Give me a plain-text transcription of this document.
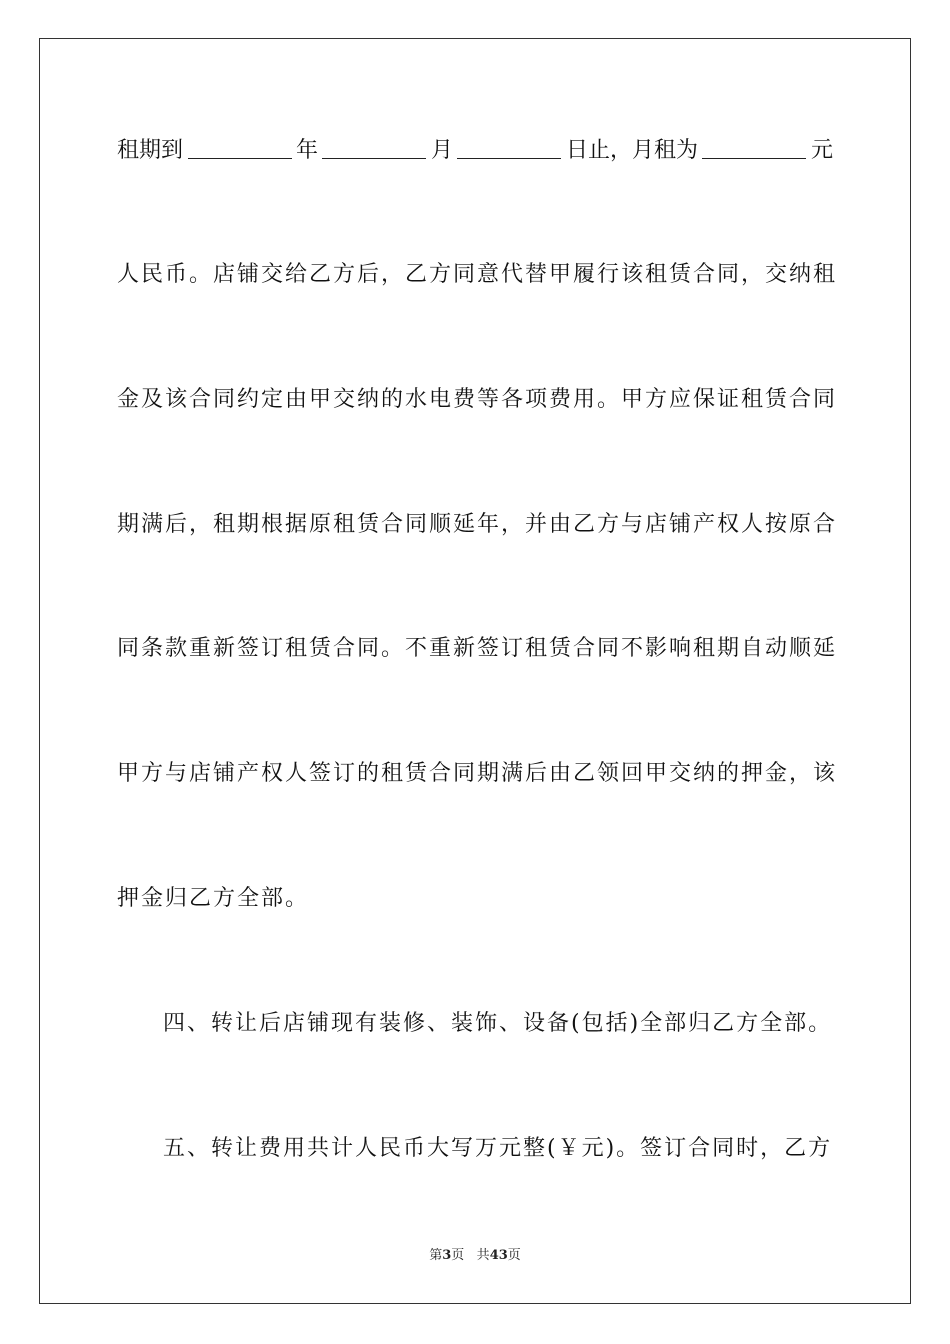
租期到	年	月	日止，月租为	元
人民币。店铺交给乙方后，乙方同意代替甲履行该租赁合同，交纳租
金及该合同约定由甲交纳的水电费等各项费用。甲方应保证租赁合同
期满后，租期根据原租赁合同顺延年，并由乙方与店铺产权人按原合
同条款重新签订租赁合同。不重新签订租赁合同不影响租期自动顺延
甲方与店铺产权人签订的租赁合同期满后由乙领回甲交纳的押金，该
押金归乙方全部。
四、转让后店铺现有装修、装饰、设备(包括)全部归乙方全部。
五、转让费用共计人民币大写万元整(￥元)。签订合同时，乙方
第3页 共43页
